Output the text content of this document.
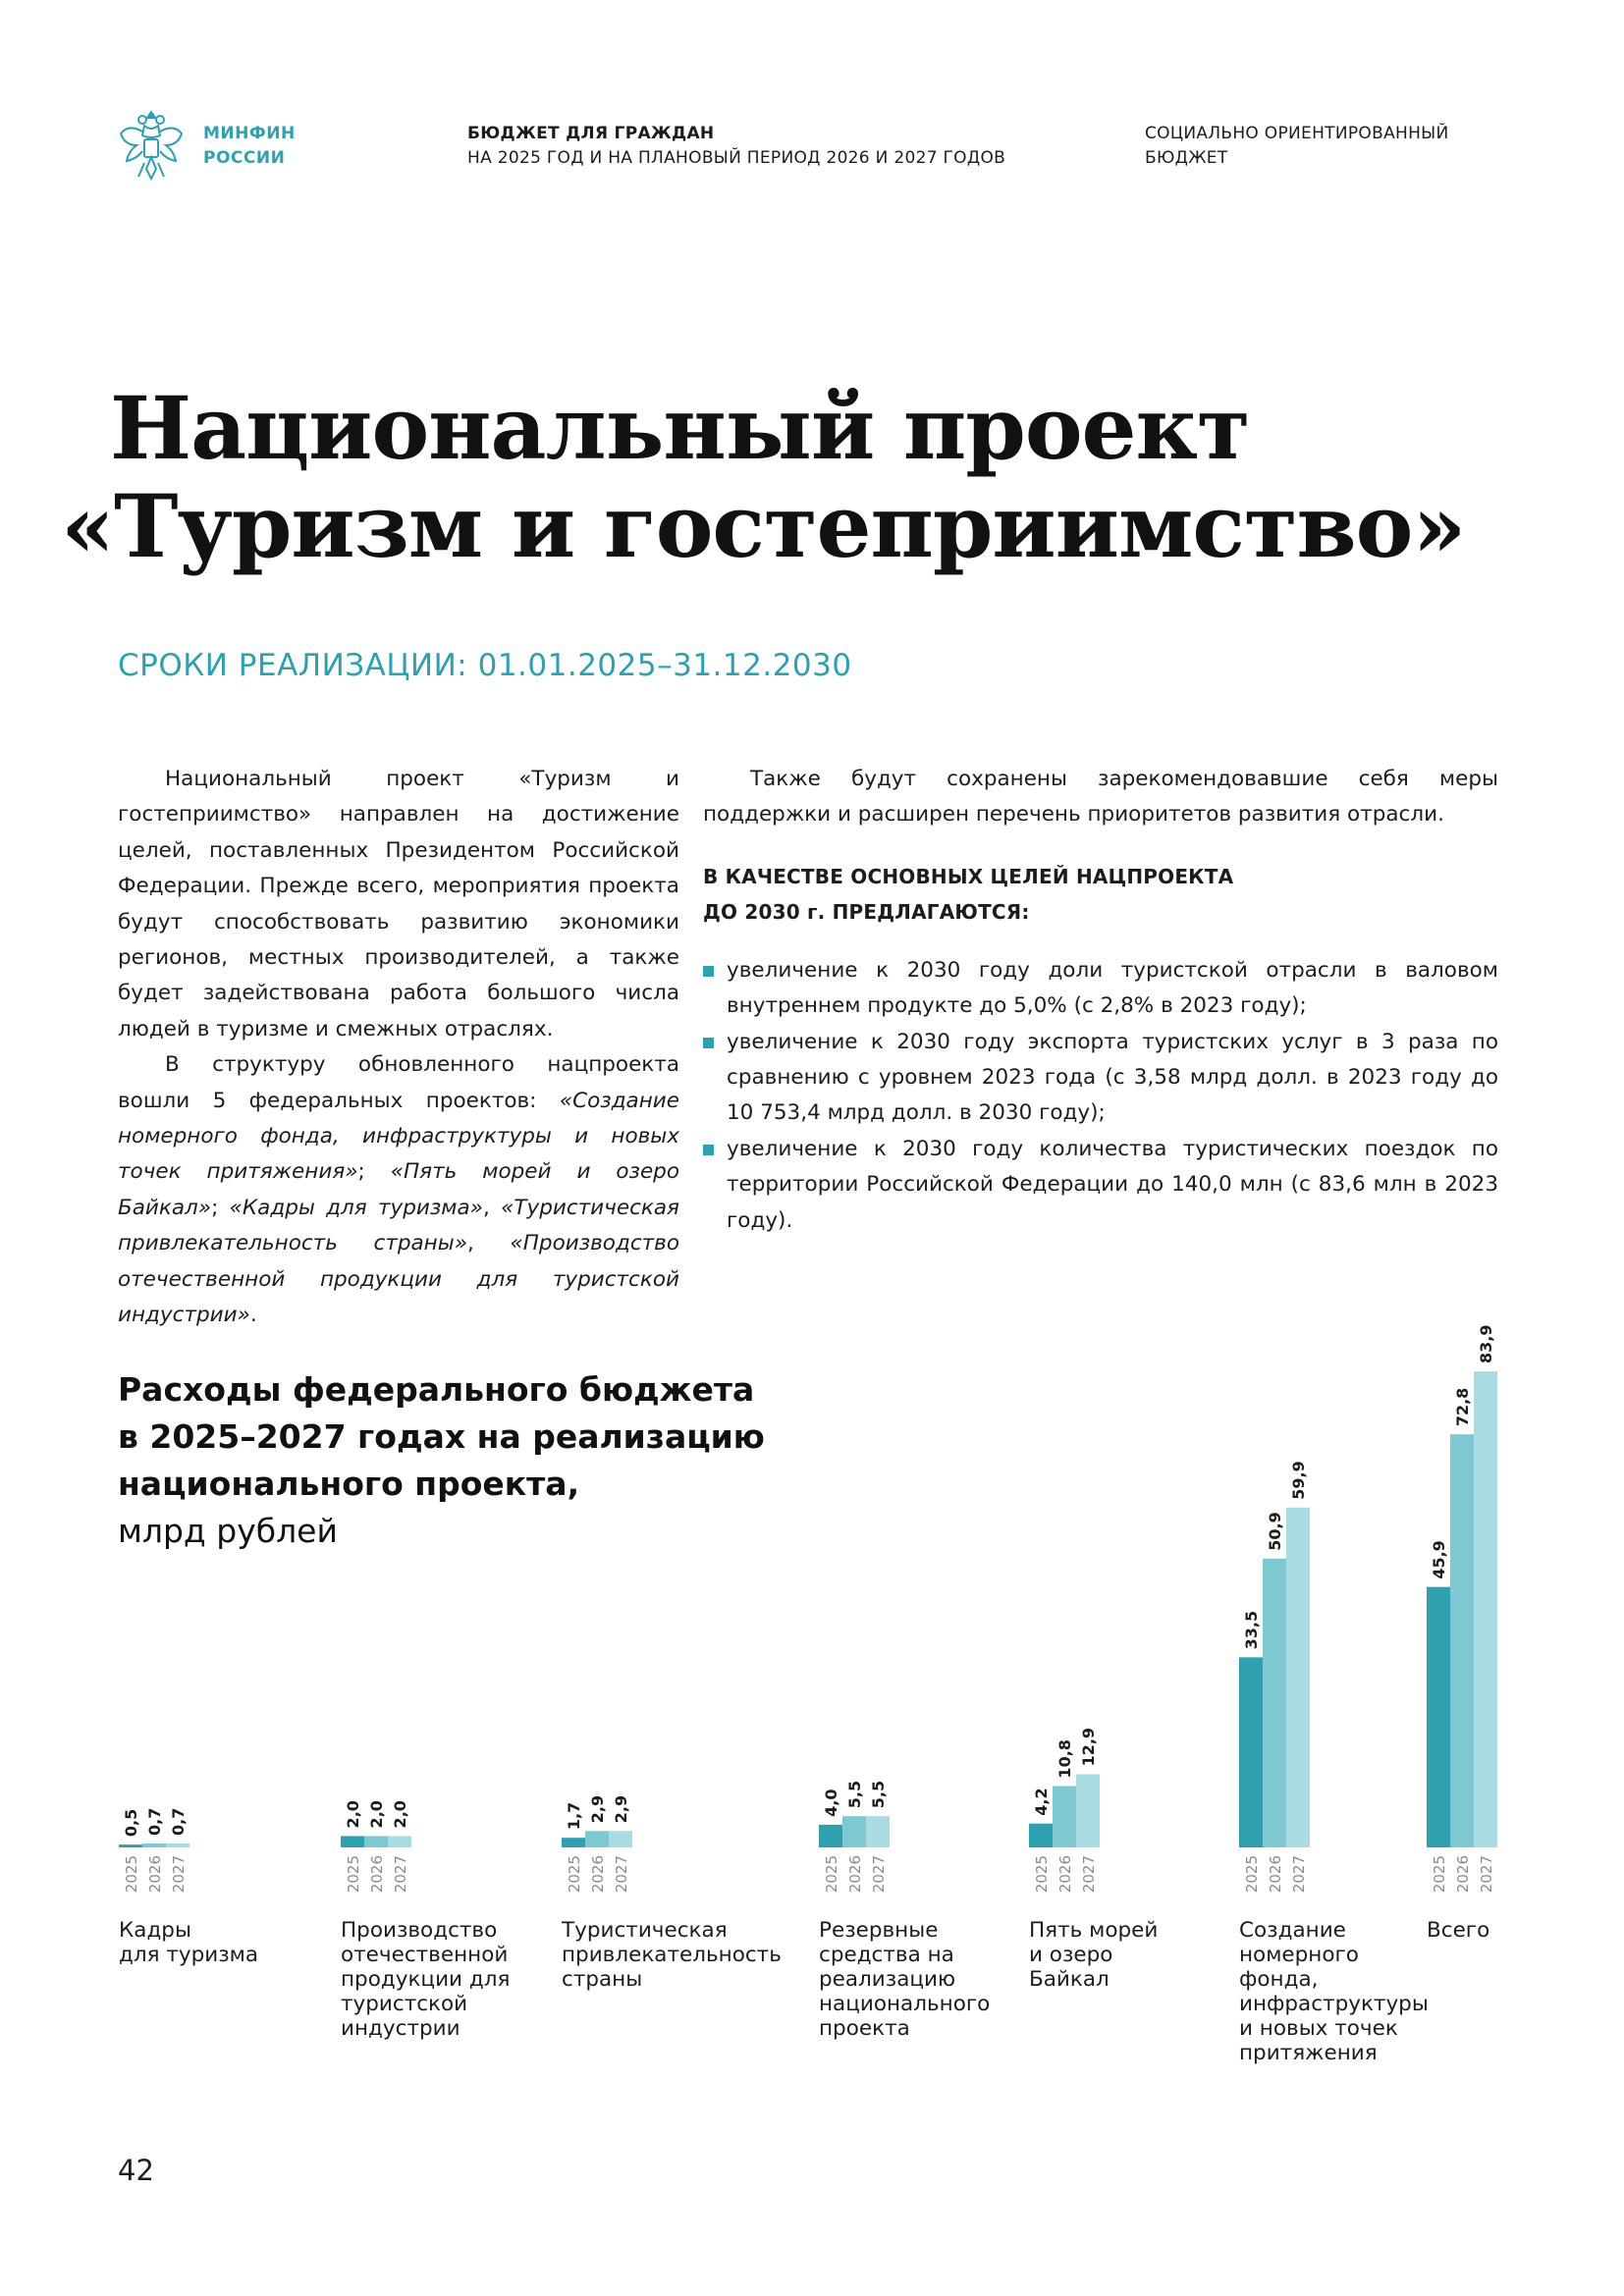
МИНФИН
РОССИИ
БЮДЖЕТ ДЛЯ ГРАЖДАН
НА 2025 ГОД И НА ПЛАНОВЫЙ ПЕРИОД 2026 И 2027 ГОДОВ
СОЦИАЛЬНО ОРИЕНТИРОВАННЫЙ
БЮДЖЕТ
Национальный проект
«Туризм и гостеприимство»
СРОКИ РЕАЛИЗАЦИИ: 01.01.2025–31.12.2030

Национальный проект «Туризм и гостеприимство» направлен на достижение целей, поставленных Президентом Российской Федерации. Прежде всего, мероприятия проекта будут способствовать развитию экономики регионов, местных производителей, а также будет задействована работа большого числа людей в туризме и смежных отраслях.

В структуру обновленного нацпроекта вошли 5 федеральных проектов: «Создание номерного фонда, инфраструктуры и новых точек притяжения»; «Пять морей и озеро Байкал»; «Кадры для туризма», «Туристическая привлекательность страны», «Производство отечественной продукции для туристской индустрии».

Также будут сохранены зарекомендовавшие себя меры поддержки и расширен перечень приоритетов развития отрасли.

В КАЧЕСТВЕ ОСНОВНЫХ ЦЕЛЕЙ НАЦПРОЕКТА
ДО 2030 г. ПРЕДЛАГАЮТСЯ:
увеличение к 2030 году доли туристской отрасли в валовом внутреннем продукте до 5,0% (с 2,8% в 2023 году);
увеличение к 2030 году экспорта туристских услуг в 3 раза по сравнению с уровнем 2023 года (с 3,58 млрд долл. в 2023 году до 10 753,4 млрд долл. в 2030 году);
увеличение к 2030 году количества туристических поездок по территории Российской Федерации до 140,0 млн (с 83,6 млн в 2023 году).
Расходы федерального бюджета
в 2025–2027 годах на реализацию
национального проекта,
млрд рублей
0,5
2025
0,7
2026
0,7
2027
2,0
2025
2,0
2026
2,0
2027
1,7
2025
2,9
2026
2,9
2027
4,0
2025
5,5
2026
5,5
2027
4,2
2025
10,8
2026
12,9
2027
33,5
2025
50,9
2026
59,9
2027
45,9
2025
72,8
2026
83,9
2027
Кадры
для туризма
Производство
отечественной
продукции для
туристской
индустрии
Туристическая
привлекательность
страны
Резервные
средства на
реализацию
национального
проекта
Пять морей
и озеро
Байкал
Создание
номерного
фонда,
инфраструктуры
и новых точек
притяжения
Всего
42
